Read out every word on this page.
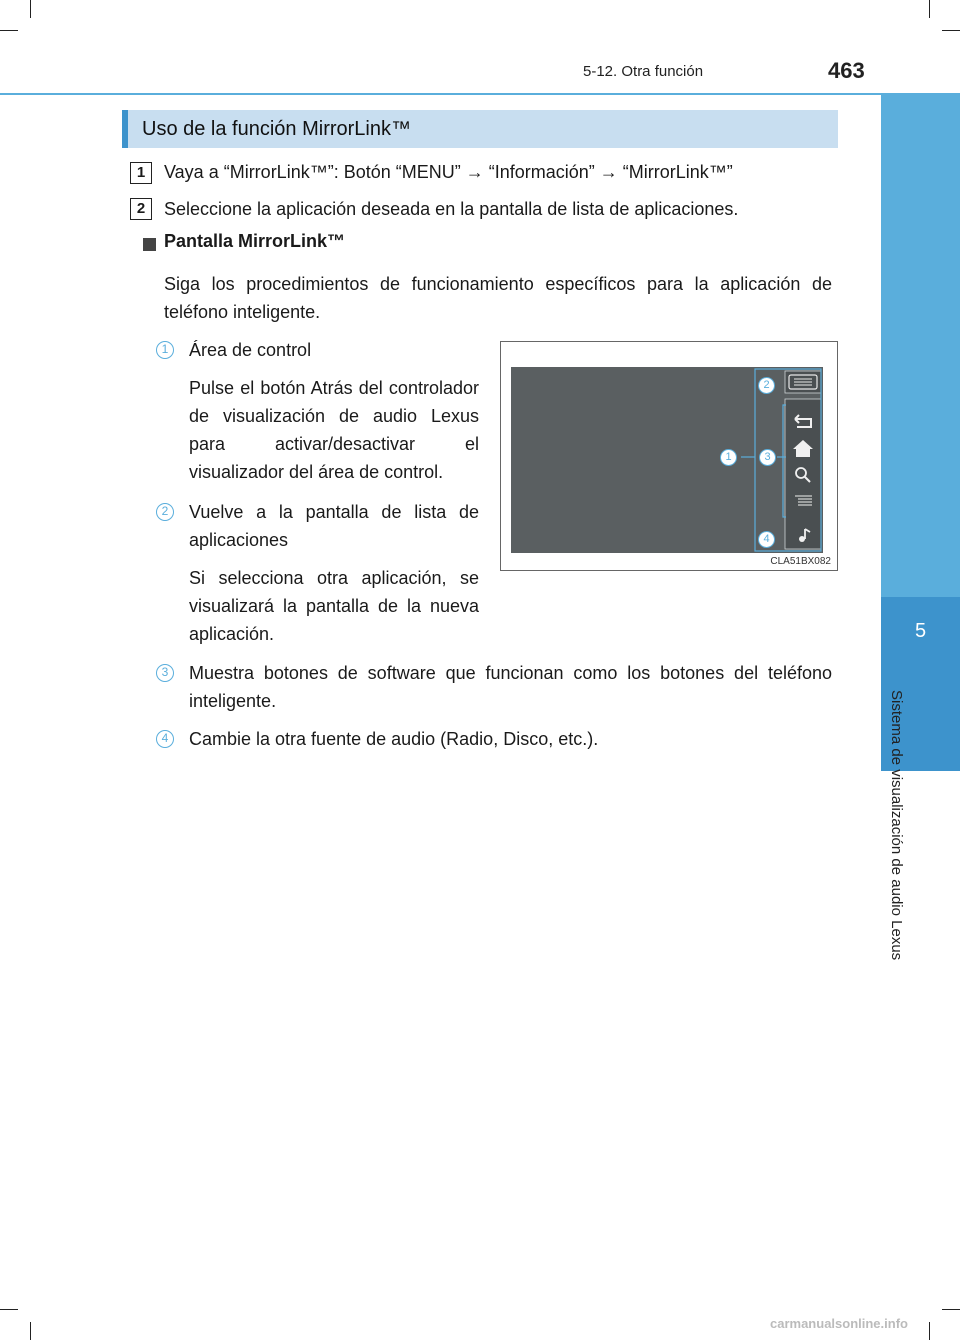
5-12. Otra función	463
5
Sistema de visualización de audio Lexus
Uso de la función MirrorLink™
1	Vaya a “MirrorLink™”: Botón “MENU” → “Información” → “MirrorLink™”
2	Seleccione la aplicación deseada en la pantalla de lista de aplicaciones.
Pantalla MirrorLink™
Siga los procedimientos de funcionamiento específicos para la aplicación de teléfono inteligente.
1	Área de control
Pulse el botón Atrás del controlador de visualización de audio Lexus para activar/desactivar el visualizador del área de control.
2	Vuelve a la pantalla de lista de aplicaciones
Si selecciona otra aplicación, se visualizará la pantalla de la nueva aplicación.
3	Muestra botones de software que funcionan como los botones del teléfono inteligente.
4	Cambie la otra fuente de audio (Radio, Disco, etc.).
2
1	3
4
CLA51BX082
carmanualsonline.info
